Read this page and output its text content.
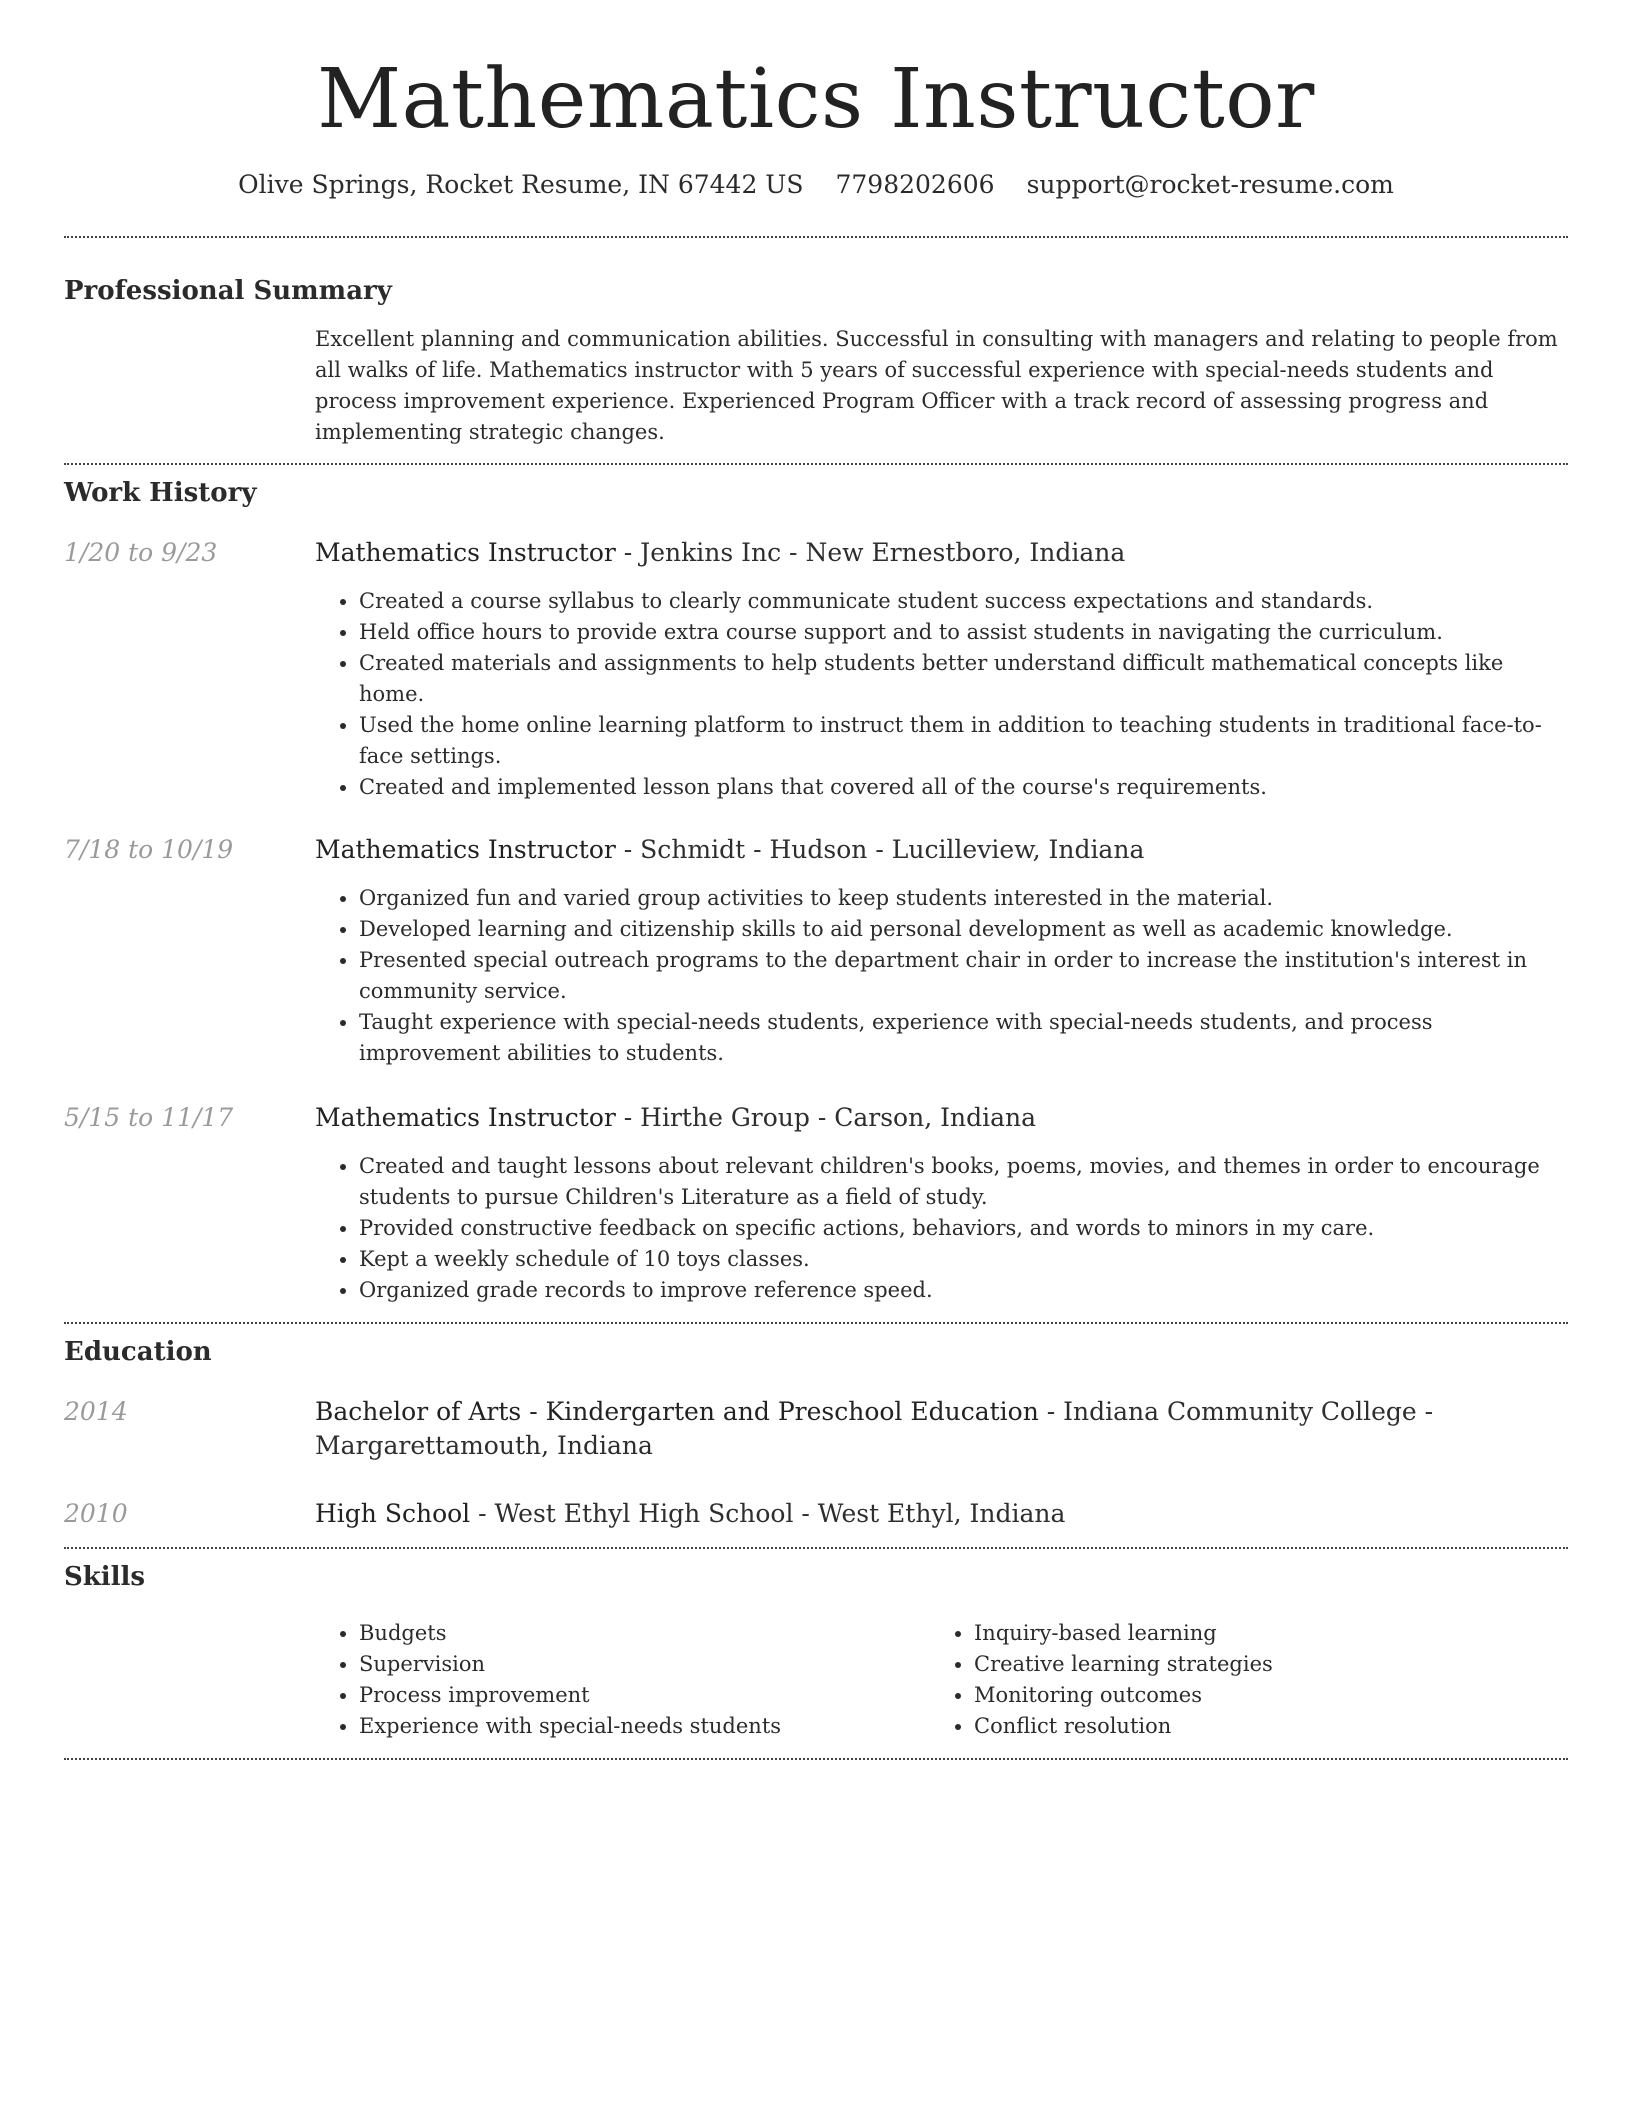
Mathematics Instructor
Olive Springs, Rocket Resume, IN 67442 US 7798202606 support@rocket-resume.com
Professional Summary

Excellent planning and communication abilities. Successful in consulting with managers and relating to people from all walks of life. Mathematics instructor with 5 years of successful experience with special-needs students and process improvement experience. Experienced Program Officer with a track record of assessing progress and implementing strategic changes.

Work History
1/20 to 9/23	Mathematics Instructor - Jenkins Inc - New Ernestboro, Indiana

• Created a course syllabus to clearly communicate student success expectations and standards.
• Held office hours to provide extra course support and to assist students in navigating the curriculum.
• Created materials and assignments to help students better understand difficult mathematical concepts like home.
• Used the home online learning platform to instruct them in addition to teaching students in traditional face-to-face settings.
• Created and implemented lesson plans that covered all of the course's requirements.
7/18 to 10/19	Mathematics Instructor - Schmidt - Hudson - Lucilleview, Indiana

• Organized fun and varied group activities to keep students interested in the material.
• Developed learning and citizenship skills to aid personal development as well as academic knowledge.
• Presented special outreach programs to the department chair in order to increase the institution's interest in community service.
• Taught experience with special-needs students, experience with special-needs students, and process improvement abilities to students.
5/15 to 11/17	Mathematics Instructor - Hirthe Group - Carson, Indiana

• Created and taught lessons about relevant children's books, poems, movies, and themes in order to encourage students to pursue Children's Literature as a field of study.
• Provided constructive feedback on specific actions, behaviors, and words to minors in my care.
• Kept a weekly schedule of 10 toys classes.
• Organized grade records to improve reference speed.
Education
2014	Bachelor of Arts - Kindergarten and Preschool Education - Indiana Community College - Margarettamouth, Indiana

2010	High School - West Ethyl High School - West Ethyl, Indiana

Skills
• Budgets
• Supervision
• Process improvement
• Experience with special-needs students
• Inquiry-based learning
• Creative learning strategies
• Monitoring outcomes
• Conflict resolution
